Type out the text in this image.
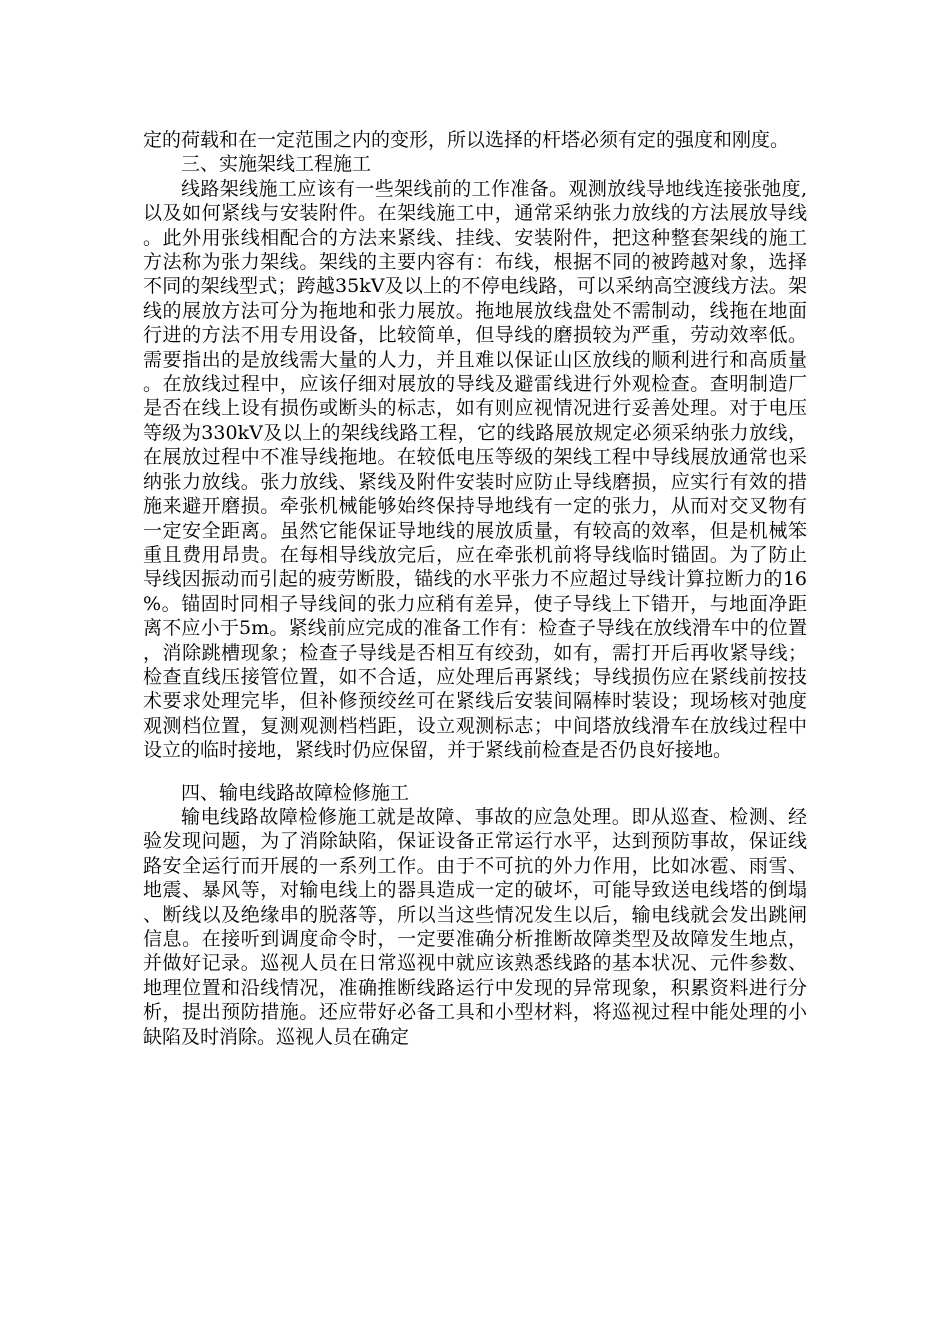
定的荷载和在一定范围之内的变形，所以选择的杆塔必须有定的强度和刚度。

三、实施架线工程施工

线路架线施工应该有一些架线前的工作准备。观测放线导地线连接张弛度,以及如何紧线与安装附件。在架线施工中，通常采纳张力放线的方法展放导线。此外用张线相配合的方法来紧线、挂线、安装附件，把这种整套架线的施工方法称为张力架线。架线的主要内容有：布线，根据不同的被跨越对象，选择不同的架线型式；跨越35kV及以上的不停电线路，可以采纳高空渡线方法。架线的展放方法可分为拖地和张力展放。拖地展放线盘处不需制动，线拖在地面行进的方法不用专用设备，比较简单，但导线的磨损较为严重，劳动效率低。需要指出的是放线需大量的人力，并且难以保证山区放线的顺利进行和高质量。在放线过程中，应该仔细对展放的导线及避雷线进行外观检查。查明制造厂是否在线上设有损伤或断头的标志，如有则应视情况进行妥善处理。对于电压等级为330kV及以上的架线线路工程，它的线路展放规定必须采纳张力放线，在展放过程中不准导线拖地。在较低电压等级的架线工程中导线展放通常也采纳张力放线。张力放线、紧线及附件安装时应防止导线磨损，应实行有效的措施来避开磨损。牵张机械能够始终保持导地线有一定的张力，从而对交叉物有一定安全距离。虽然它能保证导地线的展放质量，有较高的效率，但是机械笨重且费用昂贵。在每相导线放完后，应在牵张机前将导线临时锚固。为了防止导线因振动而引起的疲劳断股，锚线的水平张力不应超过导线计算拉断力的16%。锚固时同相子导线间的张力应稍有差异，使子导线上下错开，与地面净距离不应小于5m。紧线前应完成的准备工作有：检查子导线在放线滑车中的位置，消除跳槽现象；检查子导线是否相互有绞劲，如有，需打开后再收紧导线；检查直线压接管位置，如不合适，应处理后再紧线；导线损伤应在紧线前按技术要求处理完毕，但补修预绞丝可在紧线后安装间隔棒时装设；现场核对弛度观测档位置，复测观测档档距，设立观测标志；中间塔放线滑车在放线过程中设立的临时接地，紧线时仍应保留，并于紧线前检查是否仍良好接地。

四、输电线路故障检修施工

输电线路故障检修施工就是故障、事故的应急处理。即从巡查、检测、经验发现问题，为了消除缺陷，保证设备正常运行水平，达到预防事故，保证线路安全运行而开展的一系列工作。由于不可抗的外力作用，比如冰雹、雨雪、地震、暴风等，对输电线上的器具造成一定的破坏，可能导致送电线塔的倒塌、断线以及绝缘串的脱落等，所以当这些情况发生以后，输电线就会发出跳闸信息。在接听到调度命令时，一定要准确分析推断故障类型及故障发生地点，并做好记录。巡视人员在日常巡视中就应该熟悉线路的基本状况、元件参数、地理位置和沿线情况，准确推断线路运行中发现的异常现象，积累资料进行分析，提出预防措施。还应带好必备工具和小型材料，将巡视过程中能处理的小缺陷及时消除。巡视人员在确定
